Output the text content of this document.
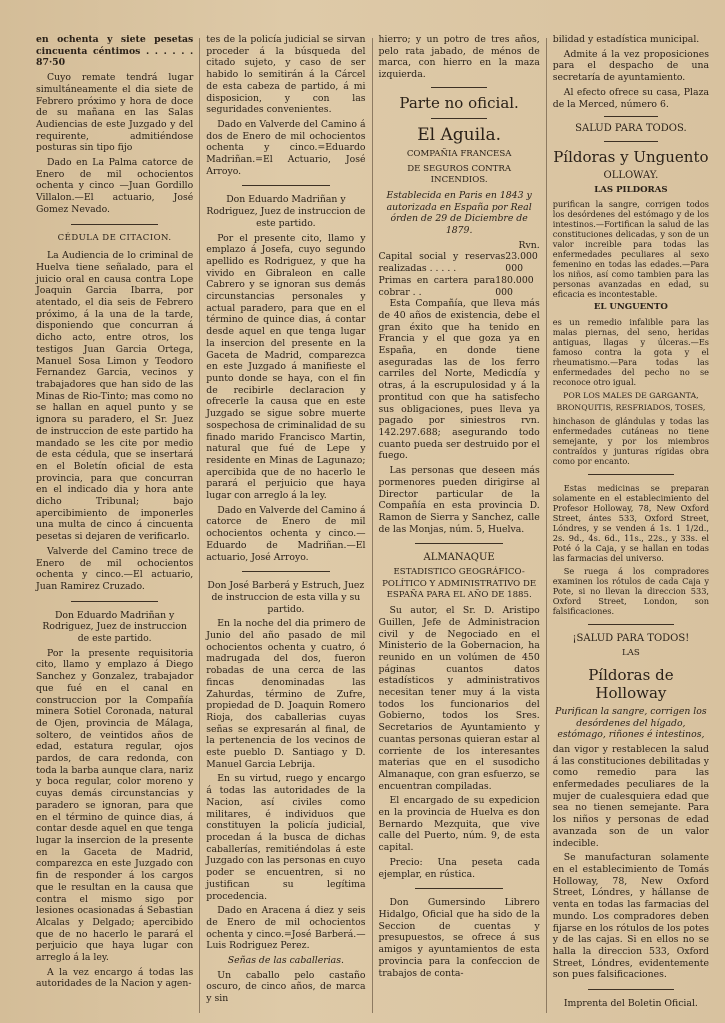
en ochenta y siete pesetas cincuenta céntimos . . . . . . 87·50

Cuyo remate tendrá lugar simultáneamente el dia siete de Febrero próximo y hora de doce de su mañana en las Salas Audiencias de este Juzgado y del requirente, admitiéndose posturas sin tipo fijo

Dado en La Palma catorce de Enero de mil ochocientos ochenta y cinco —Juan Gordillo Villalon.—El actuario, José Gomez Nevado.

CÉDULA DE CITACION.

La Audiencia de lo criminal de Huelva tiene señalado, para el juicio oral en causa contra Lope Joaquin Garcia Ibarra, por atentado, el dia seis de Febrero próximo, á la una de la tarde, disponiendo que concurran á dicho acto, entre otros, los testigos Juan Garcia Ortega, Manuel Sosa Limon y Teodoro Fernandez Garcia, vecinos y trabajadores que han sido de las Minas de Rio-Tinto; mas como no se hallan en aquel punto y se ignora su paradero, el Sr. Juez de instruccion de este partido ha mandado se les cite por medio de esta cédula, que se insertará en el Boletín oficial de esta provincia, para que concurran en el indicado dia y hora ante dicho Tribunal; bajo apercibimiento de imponerles una multa de cinco á cincuenta pesetas si dejaren de verificarlo.

Valverde del Camino trece de Enero de mil ochocientos ochenta y cinco.—El actuario, Juan Ramirez Cruzado.

Don Eduardo Madriñan y Rodriguez, Juez de instruccion de este partido.

Por la presente requisitoria cito, llamo y emplazo á Diego Sanchez y Gonzalez, trabajador que fué en el canal en construccion por la Compañía minera Sotiel Coronada, natural de Ojen, provincia de Málaga, soltero, de veintidos años de edad, estatura regular, ojos pardos, de cara redonda, con toda la barba aunque clara, nariz y boca regular, color moreno y cuyas demás circunstancias y paradero se ignoran, para que en el término de quince dias, á contar desde aquel en que tenga lugar la insercion de la presente en la Gaceta de Madrid, comparezca en este Juzgado con fin de responder á los cargos que le resultan en la causa que contra el mismo sigo por lesiones ocasionadas á Sebastian Alcalas y Delgado; apercibido que de no hacerlo le parará el perjuicio que haya lugar con arreglo á la ley.

A la vez encargo á todas las autoridades de la Nacion y agen-

tes de la policía judicial se sirvan proceder á la búsqueda del citado sujeto, y caso de ser habido lo semitirán á la Cárcel de esta cabeza de partido, á mi disposicion, y con las seguridades convenientes.

Dado en Valverde del Camino á dos de Enero de mil ochocientos ochenta y cinco.=Eduardo Madriñan.=El Actuario, José Arroyo.

Don Eduardo Madriñan y Rodriguez, Juez de instruccion de este partido.

Por el presente cito, llamo y emplazo á Josefa, cuyo segundo apellido es Rodriguez, y que ha vivido en Gibraleon en calle Cabrero y se ignoran sus demás circunstancias personales y actual paradero, para que en el término de quince dias, á contar desde aquel en que tenga lugar la insercion del presente en la Gaceta de Madrid, comparezca en este Juzgado á manifieste el punto donde se haya, con el fin de recibirle declaracion y ofrecerle la causa que en este Juzgado se sigue sobre muerte sospechosa de criminalidad de su finado marido Francisco Martin, natural que fué de Lepe y residente en Minas de Lagunazo; apercibida que de no hacerlo le parará el perjuicio que haya lugar con arreglo á la ley.

Dado en Valverde del Camino á catorce de Enero de mil ochocientos ochenta y cinco.—Eduardo de Madriñan.—El actuario, José Arroyo.

Don José Barberá y Estruch, Juez de instruccion de esta villa y su partido.

En la noche del dia primero de Junio del año pasado de mil ochocientos ochenta y cuatro, ó madrugada del dos, fueron robadas de una cerca de las fincas denominadas las Zahurdas, término de Zufre, propiedad de D. Joaquin Romero Rioja, dos caballerias cuyas señas se expresarán al final, de la pertenencia de los vecinos de este pueblo D. Santiago y D. Manuel Garcia Lebrija.

En su virtud, ruego y encargo á todas las autoridades de la Nacion, así civiles como militares, é individuos que constituyen la policía judicial, procedan á la busca de dichas caballerías, remitiéndolas á este Juzgado con las personas en cuyo poder se encuentren, si no justifican su legítima procedencia.

Dado en Aracena á diez y seis de Enero de mil ochocientos ochenta y cinco.=José Barberá.—Luis Rodriguez Perez.

Señas de las caballerias.

Un caballo pelo castaño oscuro, de cinco años, de marca y sin

hierro; y un potro de tres años, pelo rata jabado, de ménos de marca, con hierro en la maza izquierda.

Parte no oficial.
El Aguila.
COMPAÑIA FRANCESA
DE SEGUROS CONTRA INCENDIOS.

Establecida en Paris en 1843 y autorizada en España por Real órden de 29 de Diciembre de 1879.

Rvn.
Capital social y reservas realizadas . . . . .
23.000 000
Primas en cartera para cobrar . .
180.000 000

Esta Compañía, que lleva más de 40 años de existencia, debe el gran éxito que ha tenido en Francia y el que goza ya en España, en donde tiene aseguradas las de los ferro carriles del Norte, Medicdía y otras, á la escrupulosidad y á la prontitud con que ha satisfecho sus obligaciones, pues lleva ya pagado por siniestros rvn. 142.297.688; asegurando todo cuanto pueda ser destruido por el fuego.

Las personas que deseen más pormenores pueden dirigirse al Director particular de la Compañía en esta provincia D. Ramon de Sierra y Sanchez, calle de las Monjas, núm. 5, Huelva.

ALMANAQUE
ESTADISTICO GEOGRÁFICO-POLÍTICO Y ADMINISTRATIVO DE ESPAÑA PARA EL AÑO DE 1885.

Su autor, el Sr. D. Aristipo Guillen, Jefe de Administracion civil y de Negociado en el Ministerio de la Gobernacion, ha reunido en un volúmen de 450 páginas cuantos datos estadísticos y administrativos necesitan tener muy á la vista todos los funcionarios del Gobierno, todos los Sres. Secretarios de Ayuntamiento y cuantas personas quieran estar al corriente de los interesantes materias que en el susodicho Almanaque, con gran esfuerzo, se encuentran compiladas.

El encargado de su expedicion en la provincia de Huelva es don Bernardo Mezquita, que vive calle del Puerto, núm. 9, de esta capital.

Precio: Una peseta cada ejemplar, en rústica.

Don Gumersindo Librero Hidalgo, Oficial que ha sido de la Seccion de cuentas y presupuestos, se ofrece á sus amigos y ayuntamientos de esta provincia para la confeccion de trabajos de conta-

bilidad y estadística municipal.

Admite á la vez proposiciones para el despacho de una secretaría de ayuntamiento.

Al efecto ofrece su casa, Plaza de la Merced, número 6.

SALUD PARA TODOS.
Píldoras y Unguento
OLLOWAY.
LAS PILDORAS

purifican la sangre, corrigen todos los desórdenes del estómago y de los intestinos.—Fortifican la salud de las constituciones delicadas, y son de un valor increible para todas las enfermedades peculiares al sexo femenino en todas las edades.—Para los niños, así como tambien para las personas avanzadas en edad, su eficacia es incontestable.

EL UNGUENTO

es un remedio infalible para las malas piernas, del seno, heridas antiguas, llagas y úlceras.—Es famoso contra la gota y el rheumatismo.—Para todas las enfermedades del pecho no se reconoce otro igual.

POR LOS MALES DE GARGANTA, BRONQUITIS, RESFRIADOS, TOSES,

hinchason de glándulas y todas las enfermedades cutáneas no tiene semejante, y por los miembros contraídos y junturas rígidas obra como por encanto.

Estas medicinas se preparan solamente en el establecimiento del Profesor Holloway, 78, New Oxford Street, ántes 533, Oxford Street, Lóndres, y se venden á 1s. 1 1/2d., 2s. 9d., 4s. 6d., 11s., 22s., y 33s. el Poté ó la Caja, y se hallan en todas las farmacias del universo.

Se ruega á los compradores examinen los rótulos de cada Caja y Pote, si no llevan la direccion 533, Oxford Street, London, son falsificaciones.

¡SALUD PARA TODOS!
LAS
Píldoras de Holloway

Purifican la sangre, corrigen los desórdenes del hígado, estómago, riñones é intestinos,

dan vigor y restablecen la salud á las constituciones debilitadas y como remedio para las enfermedades peculiares de la mujer de cualesquiera edad que sea no tienen semejante. Para los niños y personas de edad avanzada son de un valor indecible.

Se manufacturan solamente en el establecimiento de Tomás Holloway, 78, New Oxford Street, Lóndres, y hállanse de venta en todas las farmacias del mundo. Los compradores deben fijarse en los rótulos de los potes y de las cajas. Si en ellos no se halla la direccion 533, Oxford Street, Lóndres, evidentemente son pues falsificaciones.

Imprenta del Boletin Oficial.
